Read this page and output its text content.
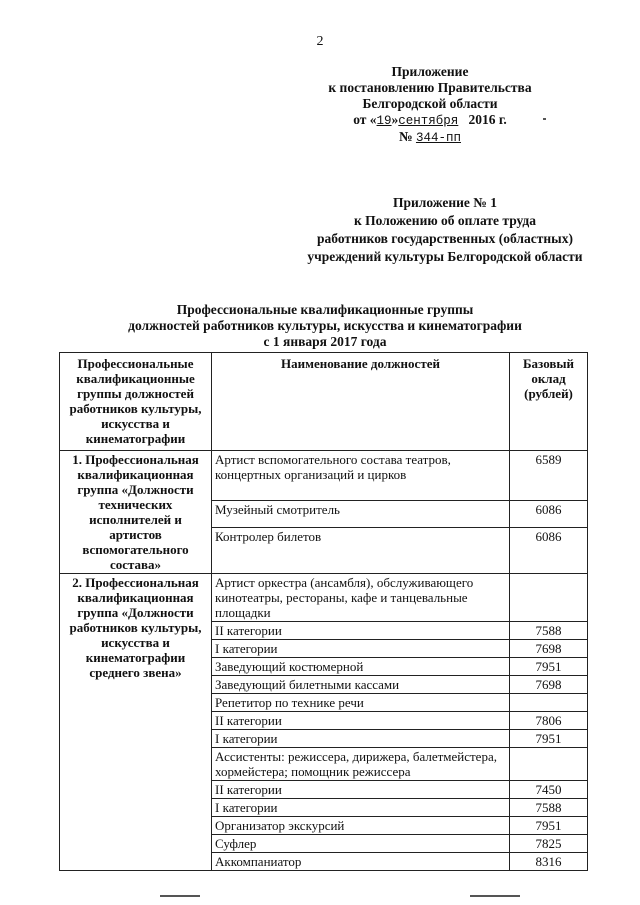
2
Приложение
к постановлению Правительства
Белгородской области
от «19»сентября 2016 г.
№ 344-пп
Приложение № 1
к Положению об оплате труда
работников государственных (областных)
учреждений культуры Белгородской области
Профессиональные квалификационные группы
должностей работников культуры, искусства и кинематографии
с 1 января 2017 года
Профессиональные квалификационные группы должностей работников культуры, искусства и кинематографии	Наименование должностей	Базовый оклад (рублей)
1. Профессиональная квалификационная группа «Должности технических исполнителей и артистов вспомогательного состава»	Артист вспомогательного состава театров, концертных организаций и цирков	6589
	Музейный смотритель	6086
	Контролер билетов	6086
2. Профессиональная квалификационная группа «Должности работников культуры, искусства и кинематографии среднего звена»	Артист оркестра (ансамбля), обслуживающего кинотеатры, рестораны, кафе и танцевальные площадки	
	II категории	7588
	I категории	7698
	Заведующий костюмерной	7951
	Заведующий билетными кассами	7698
	Репетитор по технике речи	
	II категории	7806
	I категории	7951
	Ассистенты: режиссера, дирижера, балетмейстера, хормейстера; помощник режиссера	
	II категории	7450
	I категории	7588
	Организатор экскурсий	7951
	Суфлер	7825
	Аккомпаниатор	8316
